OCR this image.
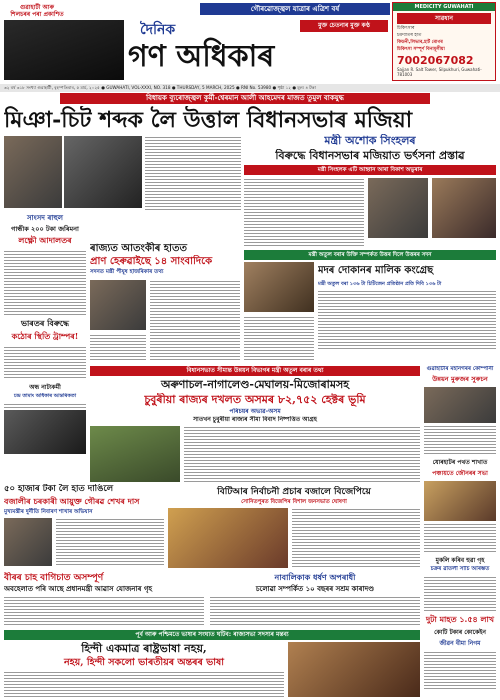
গুৱাহাটী আৰু
শিলচৰৰ পৰা প্ৰকাশিত
গৌৰৱোজ্জ্বল যাত্ৰাৰ এত্ৰিশ বৰ্ষ
দৈনিক
গণ অধিকাৰ
মুক্ত চেতনাৰ মুক্ত কণ্ঠ
MEDICITY GUWAHATI
সাৱধান
চিকিৎসাৰ
চক্ৰবাতৰ হাত
কিডনী,লিভাৰ,হাৰ্ট ৰোগৰ
চিকিৎসা সম্পূৰ্ণ বিনামূলীয়া
7002067082
Sajjan R. Salt Tower, Silpukhuri, Guwahati-781003
৩২ বৰ্ষ ৩১৮ সংখ্যা গুৱাহাটী, বৃহস্পতিবাৰ, ৫ মাৰ্চ, ২০২৫ ● GUWAHATI, VOL-XXXI, NO. 318 ● THURSDAY, 5 MARCH, 2025 ● RNI No. 53980 ● পৃষ্ঠা ১২ ● মূল্য ৪ টকা
বিধায়ক ব্যুৰোজ্জ্বল কুৰ্মী-শ্বেৰমান আলী আহমেদৰ মাজত তুমুল বাকযুদ্ধ
মিঞা-চিট শব্দক লৈ উত্তাল বিধানসভাৰ মজিয়া
মন্ত্ৰী অশোক সিংহলৰ
বিৰুদ্ধে বিধানসভাৰ মজিয়াত ভৰ্ৎসনা প্ৰস্তাৱ
মন্ত্ৰী সিংহলক এটি আহ্বান আৰা বিকাশ অভুৰাৰ
সাংসদ ৰাহুল
গান্ধীক ২০০ টকা জৰিমনা
লক্ষ্ণৌ আদালতৰ
ভাৰতৰ বিৰুদ্ধে
কঠোৰ স্থিতি ট্ৰাম্পৰ!
অন্ধ নাট্যকৰ্মী
চন্দ্ৰ তামাং অধিকাৰ আন্তৰিকতা
ৰাজ্যত আতংকীৰ হাতত
প্ৰাণ হেৰুৱাইছে ১৪ সাংবাদিকে
সদনত মন্ত্ৰী পীযূষ হাজৰিকাৰ তথ্য
মন্ত্ৰী অতুল বৰাৰ উক্তি সম্পৰ্কত উত্তৰ দিলে উত্তৰৰ সদন
মদৰ দোকানৰ মালিক কংগ্ৰেছ
মন্ত্ৰী অতুল বৰা ১৩৬ টা চিটিজেন প্ৰতিষ্ঠান প্ৰতি দিবি ১৩৬ টা
বিধানসভাত সীমান্ত উন্নয়ন বিভাগৰ মন্ত্ৰী অতুল বৰাৰ তথ্য
অৰুণাচল-নাগালেণ্ড-মেঘালয়-মিজোৰামসহ
চুবুৰীয়া ৰাজ্যৰ দখলত অসমৰ ৮২,৭৫২ হেক্টৰ ভূমি
পৰিচয়ৰ অভাৱ-অসম
সাতখন চুবুৰীয়া ৰাজ্যৰ সীমা বিবাদ নিষ্পত্তিত আগ্ৰহ
গুৱাহাটীৰ মহানগৰৰ কোম্পানী
উন্নয়ন মুৰুজৰ সুৰুচন
যোৰহাটৰ পথত শাখাত
পঞ্চায়তে জৌনৰৰ সভা
মুকলি কৰিব হুৱা গৃহ
চক্ৰৰ ৱাতলী সাঁচি আৰম্ভত
দুটা মাহত ১.৫৪ লাখ
কোটি টকাৰ কোকেইন
জীৱন বীমা নিগম
৫০ হাজাৰ টকা লৈ হাত দাঙিলে
বজালীৰ চৰকাৰী আয়ুক্ত গৌৰৱ শেখৰ দাস
মুখ্যমন্ত্ৰীৰ দুৰ্নীতি নিবাৰণ শাখাৰ অভিযান
বিটিআৰ নিৰ্বাচনী প্ৰচাৰ বজালে বিজেপিয়ে
সোনিতপুৰত বিজেপিৰ বিশাল জনসভাত ঘোষণা
বীৰৰ চাহ বাগিচাত অসম্পূৰ্ণ
অবহেলাত পৰি আছে প্ৰধানমন্ত্ৰী আৱাস যোজনাৰ গৃহ
নাবালিকাক ধৰ্ষণ অপৰাধী
চলোৱা সম্পৰ্কিত ১০ বছৰৰ সশ্ৰম কাৰাদণ্ড
পূৰ্ব আৰু পশ্চিমতে ভাষাৰ সংঘাত ঘটিব: ৰাজ্যসভা সদস্যৰ মন্তব্য
হিন্দী একমাত্ৰ ৰাষ্ট্ৰভাষা নহয়,
নহয়, হিন্দী সকলো ভাৰতীয়ৰ অন্তৰৰ ভাষা
